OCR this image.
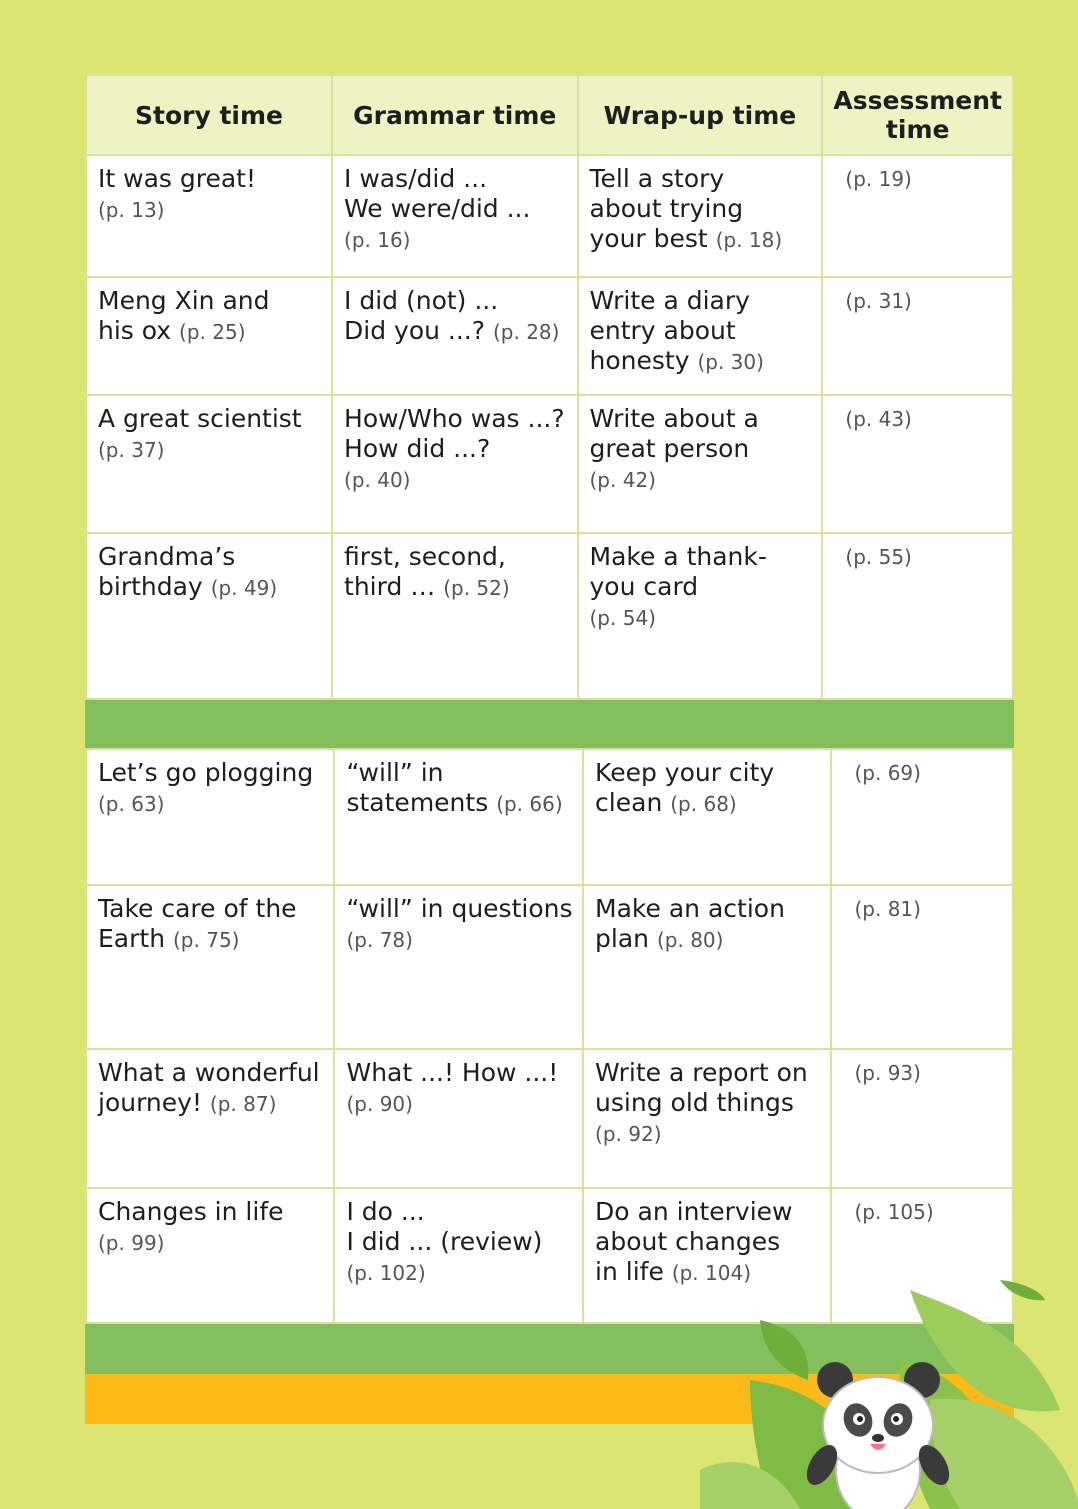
Story time	Grammar time	Wrap-up time	Assessment time

It was great!
(p. 13)	I was/did ...
We were/did ...
(p. 16)	Tell a story
about trying
your best (p. 18)	(p. 19)

Meng Xin and
his ox (p. 25)	I did (not) ...
Did you ...? (p. 28)	Write a diary
entry about
honesty (p. 30)	(p. 31)

A great scientist
(p. 37)	How/Who was ...?
How did ...?
(p. 40)	Write about a
great person
(p. 42)	(p. 43)

Grandma’s
birthday (p. 49)	first, second,
third … (p. 52)	Make a thank-
you card
(p. 54)	(p. 55)
Let’s go plogging
(p. 63)	“will” in
statements (p. 66)	Keep your city
clean (p. 68)	(p. 69)

Take care of the
Earth (p. 75)	“will” in questions
(p. 78)	Make an action
plan (p. 80)	(p. 81)

What a wonderful
journey! (p. 87)	What ...! How ...!
(p. 90)	Write a report on
using old things
(p. 92)	(p. 93)

Changes in life
(p. 99)	I do ...
I did ... (review)
(p. 102)	Do an interview
about changes
in life (p. 104)	(p. 105)
